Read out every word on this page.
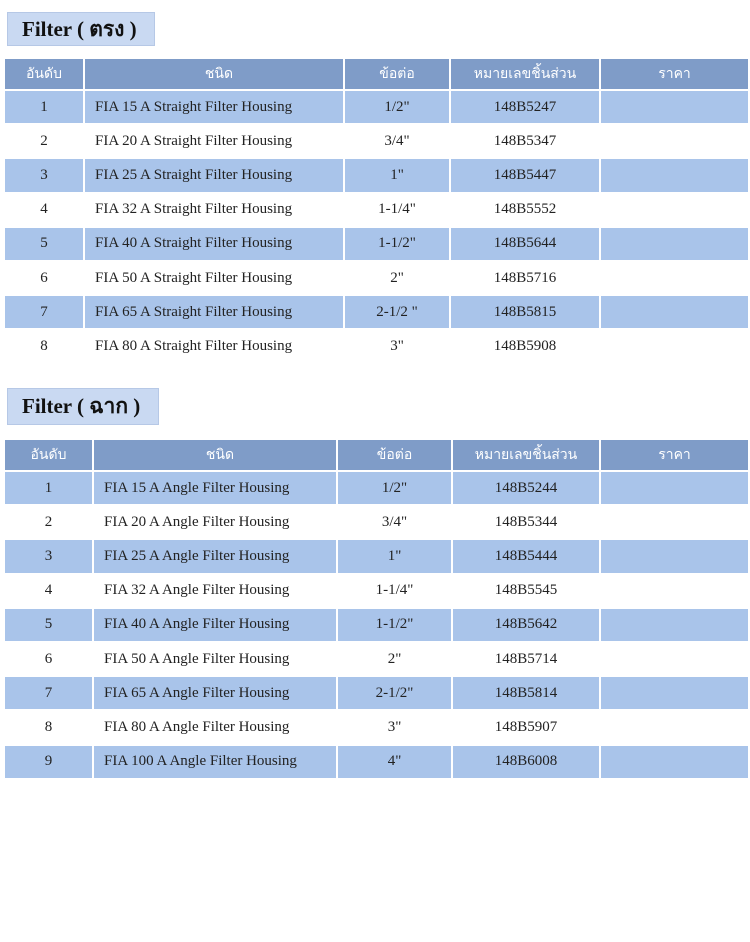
Filter ( ตรง )
อันดับ	ชนิด	ข้อต่อ	หมายเลขชิ้นส่วน	ราคา
1	FIA 15 A Straight Filter Housing	1/2"	148B5247
2	FIA 20 A Straight Filter Housing	3/4"	148B5347
3	FIA 25 A Straight Filter Housing	1"	148B5447
4	FIA 32 A Straight Filter Housing	1-1/4"	148B5552
5	FIA 40 A Straight Filter Housing	1-1/2"	148B5644
6	FIA 50 A Straight Filter Housing	2"	148B5716
7	FIA 65 A Straight Filter Housing	2-1/2 "	148B5815
8	FIA 80 A Straight Filter Housing	3"	148B5908
Filter ( ฉาก )
อันดับ	ชนิด	ข้อต่อ	หมายเลขชิ้นส่วน	ราคา
1	FIA 15 A Angle Filter Housing	1/2"	148B5244
2	FIA 20 A Angle Filter Housing	3/4"	148B5344
3	FIA 25 A Angle Filter Housing	1"	148B5444
4	FIA 32 A Angle Filter Housing	1-1/4"	148B5545
5	FIA 40 A Angle Filter Housing	1-1/2"	148B5642
6	FIA 50 A Angle Filter Housing	2"	148B5714
7	FIA 65 A Angle Filter Housing	2-1/2"	148B5814
8	FIA 80 A Angle Filter Housing	3"	148B5907
9	FIA 100 A Angle Filter Housing	4"	148B6008
